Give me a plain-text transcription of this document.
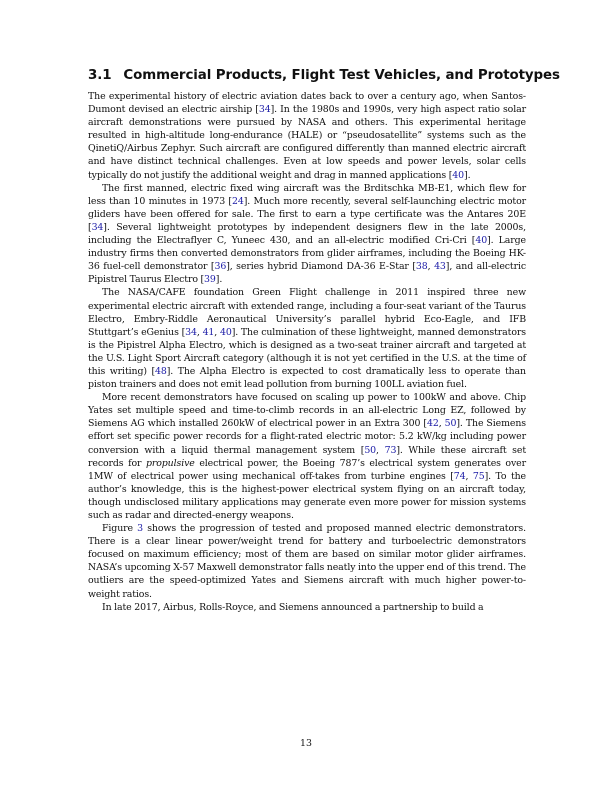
3.1 Commercial Products, Flight Test Vehicles, and Prototypes

The experimental history of electric aviation dates back to over a century ago, when Santos-Dumont devised an electric airship [34]. In the 1980s and 1990s, very high aspect ratio solar aircraft demonstrations were pursued by NASA and others. This experimental heritage resulted in high-altitude long-endurance (HALE) or “pseudosatellite” systems such as the QinetiQ/Airbus Zephyr. Such aircraft are configured differently than manned electric aircraft and have distinct technical challenges. Even at low speeds and power levels, solar cells typically do not justify the additional weight and drag in manned applications [40].

The first manned, electric fixed wing aircraft was the Brditschka MB-E1, which flew for less than 10 minutes in 1973 [24]. Much more recently, several self-launching electric motor gliders have been offered for sale. The first to earn a type certificate was the Antares 20E [34]. Several lightweight prototypes by independent designers flew in the late 2000s, including the Electraflyer C, Yuneec 430, and an all-electric modified Cri-Cri [40]. Large industry firms then converted demonstrators from glider airframes, including the Boeing HK-36 fuel-cell demonstrator [36], series hybrid Diamond DA-36 E-Star [38, 43], and all-electric Pipistrel Taurus Electro [39].

The NASA/CAFE foundation Green Flight challenge in 2011 inspired three new experimental electric aircraft with extended range, including a four-seat variant of the Taurus Electro, Embry-Riddle Aeronautical University’s parallel hybrid Eco-Eagle, and IFB Stuttgart’s eGenius [34, 41, 40]. The culmination of these lightweight, manned demonstrators is the Pipistrel Alpha Electro, which is designed as a two-seat trainer aircraft and targeted at the U.S. Light Sport Aircraft category (although it is not yet certified in the U.S. at the time of this writing) [48]. The Alpha Electro is expected to cost dramatically less to operate than piston trainers and does not emit lead pollution from burning 100LL aviation fuel.

More recent demonstrators have focused on scaling up power to 100kW and above. Chip Yates set multiple speed and time-to-climb records in an all-electric Long EZ, followed by Siemens AG which installed 260kW of electrical power in an Extra 300 [42, 50]. The Siemens effort set specific power records for a flight-rated electric motor: 5.2 kW/kg including power conversion with a liquid thermal management system [50, 73]. While these aircraft set records for propulsive electrical power, the Boeing 787’s electrical system generates over 1MW of electrical power using mechanical off-takes from turbine engines [74, 75]. To the author’s knowledge, this is the highest-power electrical system flying on an aircraft today, though undisclosed military applications may generate even more power for mission systems such as radar and directed-energy weapons.

Figure 3 shows the progression of tested and proposed manned electric demonstrators. There is a clear linear power/weight trend for battery and turboelectric demonstrators focused on maximum efficiency; most of them are based on similar motor glider airframes. NASA’s upcoming X-57 Maxwell demonstrator falls neatly into the upper end of this trend. The outliers are the speed-optimized Yates and Siemens aircraft with much higher power-to-weight ratios.

In late 2017, Airbus, Rolls-Royce, and Siemens announced a partnership to build a

13
